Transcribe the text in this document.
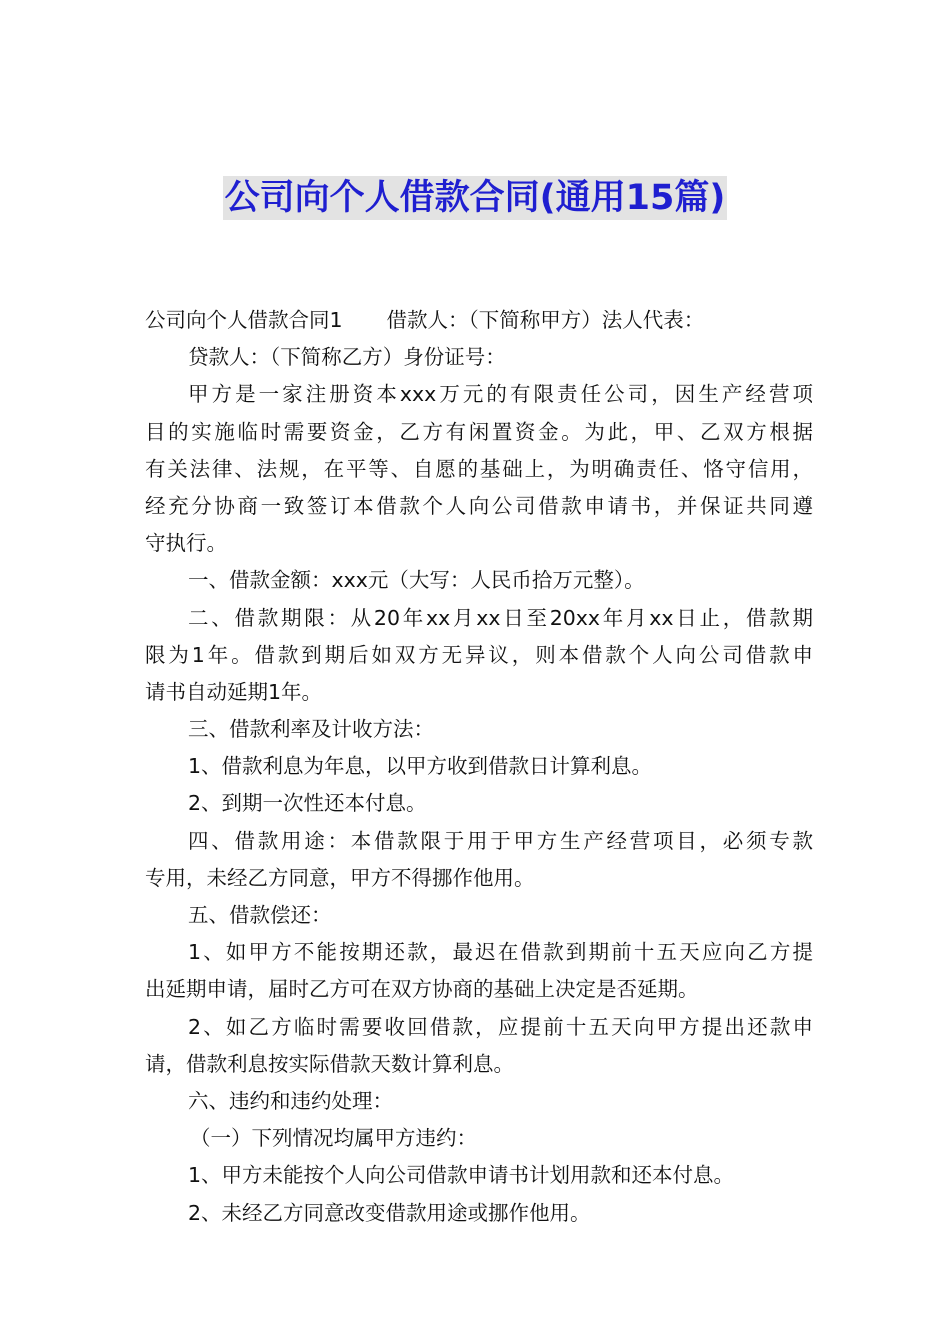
公司向个人借款合同(通用15篇)
公司向个人借款合同1 借款人：（下简称甲方）法人代表：
贷款人：（下简称乙方）身份证号：
甲方是一家注册资本xxx万元的有限责任公司，因生产经营项
目的实施临时需要资金，乙方有闲置资金。为此，甲、乙双方根据
有关法律、法规，在平等、自愿的基础上，为明确责任、恪守信用，
经充分协商一致签订本借款个人向公司借款申请书，并保证共同遵
守执行。
一、借款金额：xxx元（大写：人民币拾万元整）。
二、借款期限：从20年xx月xx日至20xx年月xx日止，借款期
限为1年。借款到期后如双方无异议，则本借款个人向公司借款申
请书自动延期1年。
三、借款利率及计收方法：
1、借款利息为年息，以甲方收到借款日计算利息。
2、到期一次性还本付息。
四、借款用途：本借款限于用于甲方生产经营项目，必须专款
专用，未经乙方同意，甲方不得挪作他用。
五、借款偿还：
1、如甲方不能按期还款，最迟在借款到期前十五天应向乙方提
出延期申请，届时乙方可在双方协商的基础上决定是否延期。
2、如乙方临时需要收回借款，应提前十五天向甲方提出还款申
请，借款利息按实际借款天数计算利息。
六、违约和违约处理：
（一）下列情况均属甲方违约：
1、甲方未能按个人向公司借款申请书计划用款和还本付息。
2、未经乙方同意改变借款用途或挪作他用。
